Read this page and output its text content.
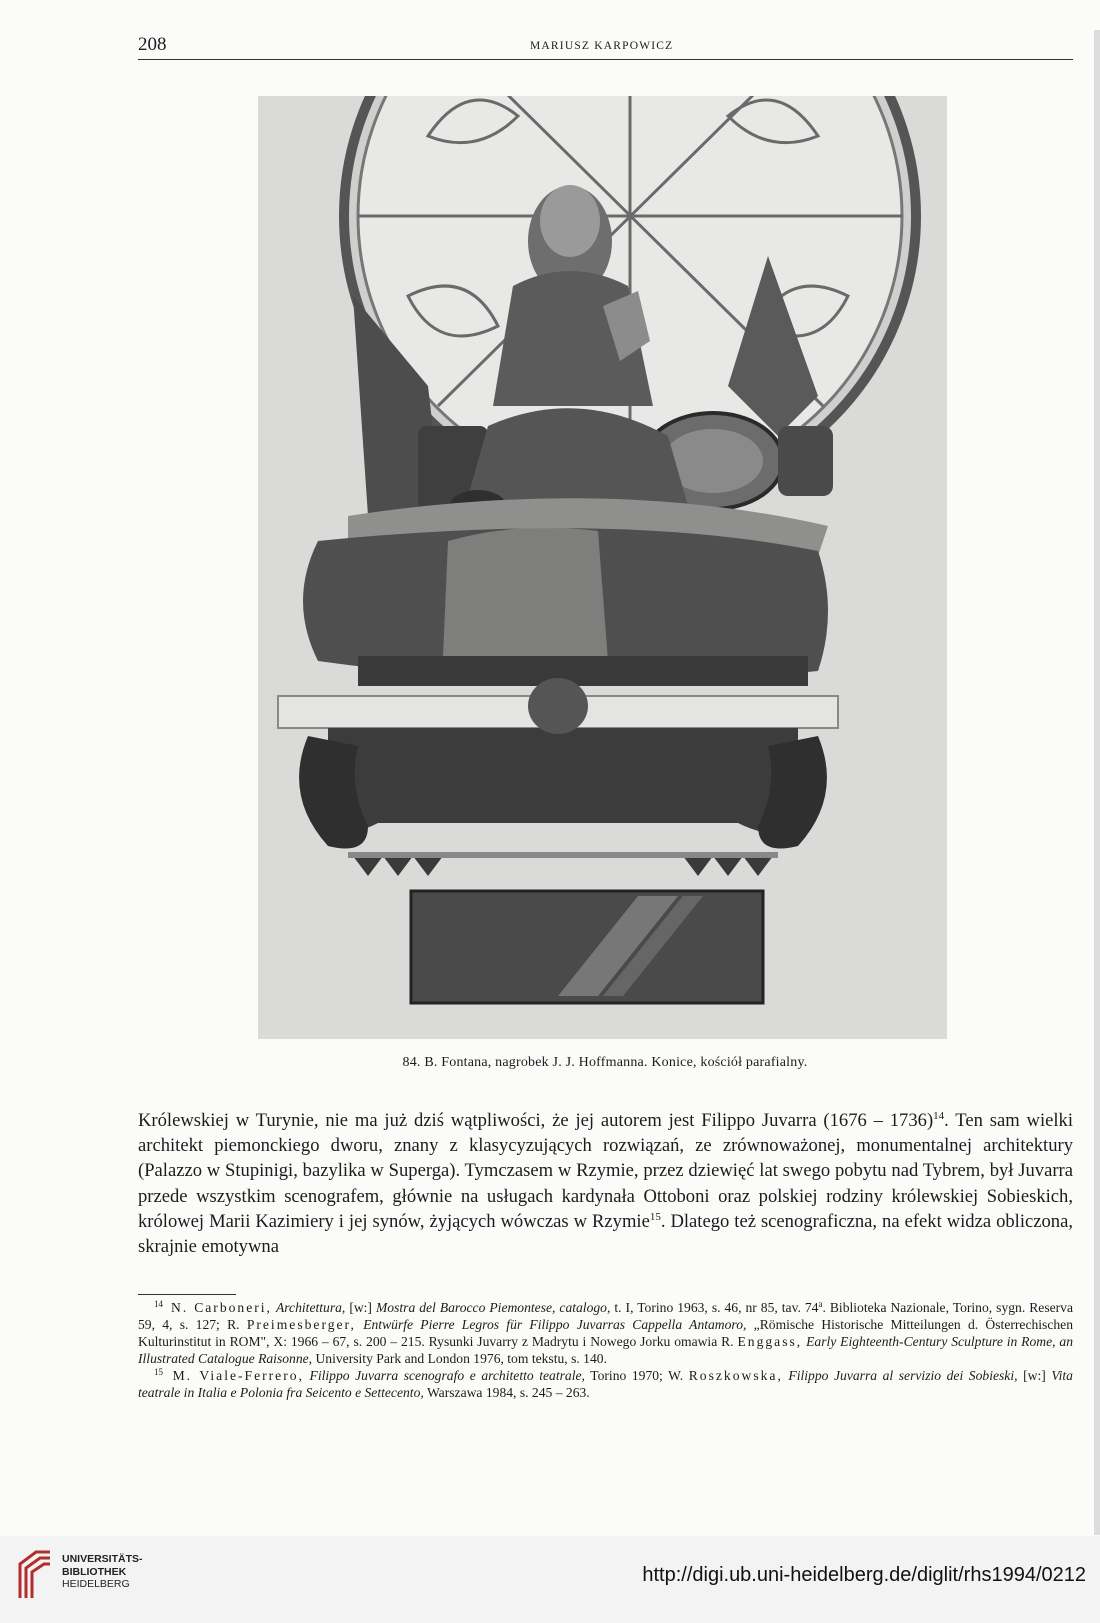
208	MARIUSZ KARPOWICZ
84. B. Fontana, nagrobek J. J. Hoffmanna. Konice, kościół parafialny.

Królewskiej w Turynie, nie ma już dziś wątpliwości, że jej autorem jest Filippo Juvarra (1676 – 1736)$^{14}$. Ten sam wielki architekt piemonckiego dworu, znany z klasycyzujących rozwiązań, ze zrównoważonej, monumentalnej architektury (Palazzo w Stupinigi, bazylika w Superga). Tymczasem w Rzymie, przez dziewięć lat swego pobytu nad Tybrem, był Juvarra przede wszystkim scenografem, głównie na usługach kardynała Ottoboni oraz polskiej rodziny królewskiej Sobieskich, królowej Marii Kazimiery i jej synów, żyjących wówczas w Rzymie$^{15}$. Dlatego też scenograficzna, na efekt widza obliczona, skrajnie emotywna

$^{14}$ N. Carboneri, Architettura, [w:] Mostra del Barocco Piemontese, catalogo, t. I, Torino 1963, s. 46, nr 85, tav. 74$^a$. Biblioteka Nazionale, Torino, sygn. Reserva 59, 4, s. 127; R. Preimesberger, Entwürfe Pierre Legros für Filippo Juvarras Cappella Antamoro, „Römische Historische Mitteilungen d. Österrechischen Kulturinstitut in ROM", X: 1966 – 67, s. 200 – 215. Rysunki Juvarry z Madrytu i Nowego Jorku omawia R. Enggass, Early Eighteenth-Century Sculpture in Rome, an Illustrated Catalogue Raisonne, University Park and London 1976, tom tekstu, s. 140.

$^{15}$ M. Viale-Ferrero, Filippo Juvarra scenografo e architetto teatrale, Torino 1970; W. Roszkowska, Filippo Juvarra al servizio dei Sobieski, [w:] Vita teatrale in Italia e Polonia fra Seicento e Settecento, Warszawa 1984, s. 245 – 263.

UNIVERSITÄTS-
BIBLIOTHEK
HEIDELBERG	http://digi.ub.uni-heidelberg.de/diglit/rhs1994/0212
